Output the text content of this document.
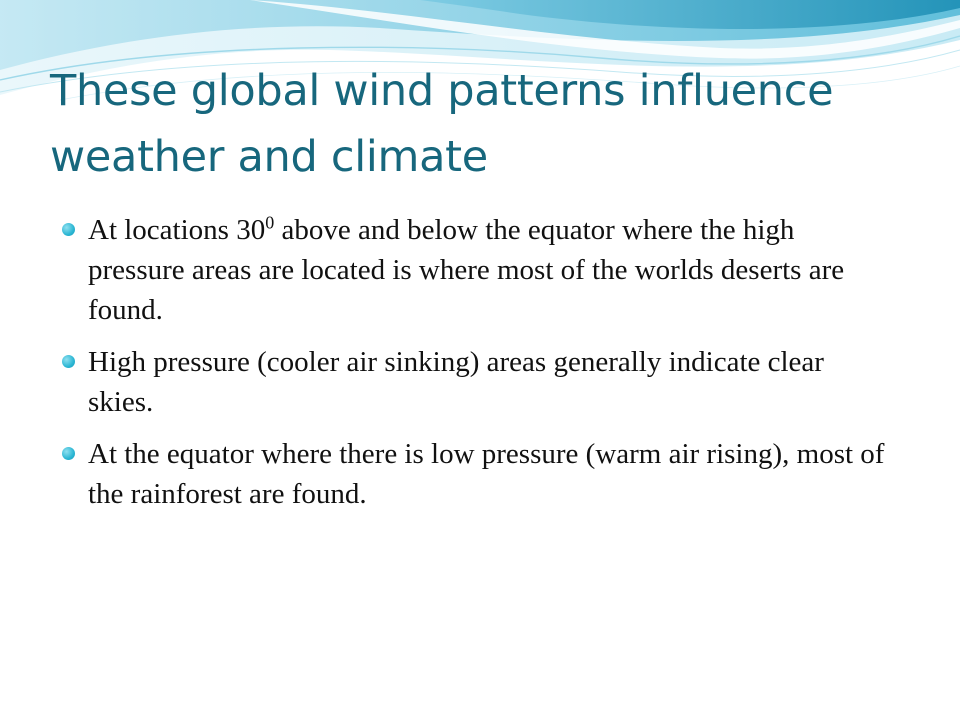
These global wind patterns influence weather and climate
At locations $30^0$ above and below the equator where the high pressure areas are located is where most of the worlds deserts are found.
High pressure (cooler air sinking) areas generally indicate clear skies.
At the equator where there is low pressure (warm air rising), most of the rainforest are found.
